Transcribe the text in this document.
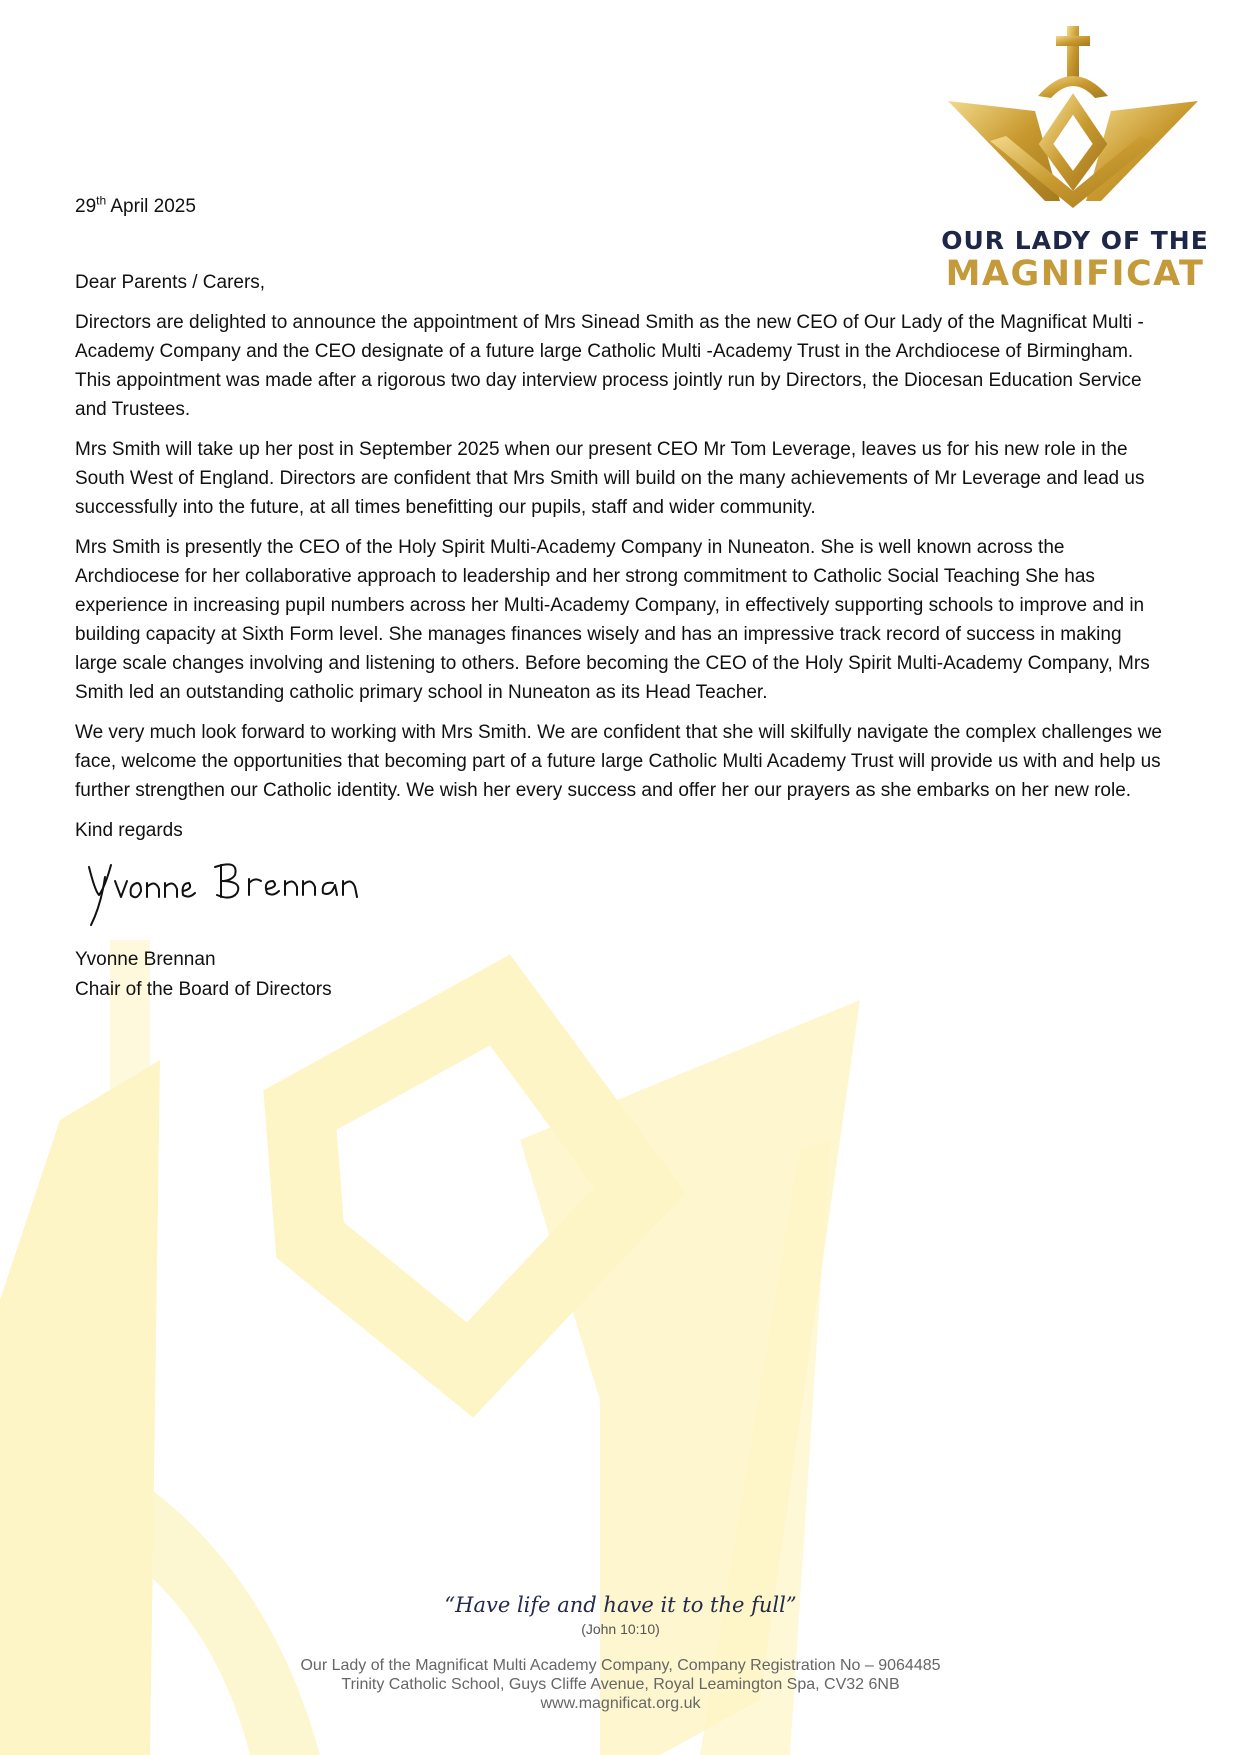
OUR LADY OF THE
MAGNIFICAT

29th April 2025

Dear Parents / Carers,

Directors are delighted to announce the appointment of Mrs Sinead Smith as the new CEO of Our Lady of the Magnificat Multi -Academy Company and the CEO designate of a future large Catholic Multi -Academy Trust in the Archdiocese of Birmingham. This appointment was made after a rigorous two day interview process jointly run by Directors, the Diocesan Education Service and Trustees.

Mrs Smith will take up her post in September 2025 when our present CEO Mr Tom Leverage, leaves us for his new role in the South West of England. Directors are confident that Mrs Smith will build on the many achievements of Mr Leverage and lead us successfully into the future, at all times benefitting our pupils, staff and wider community.

Mrs Smith is presently the CEO of the Holy Spirit Multi-Academy Company in Nuneaton. She is well known across the Archdiocese for her collaborative approach to leadership and her strong commitment to Catholic Social Teaching She has experience in increasing pupil numbers across her Multi-Academy Company, in effectively supporting schools to improve and in building capacity at Sixth Form level. She manages finances wisely and has an impressive track record of success in making large scale changes involving and listening to others. Before becoming the CEO of the Holy Spirit Multi-Academy Company, Mrs Smith led an outstanding catholic primary school in Nuneaton as its Head Teacher.

We very much look forward to working with Mrs Smith. We are confident that she will skilfully navigate the complex challenges we face, welcome the opportunities that becoming part of a future large Catholic Multi Academy Trust will provide us with and help us further strengthen our Catholic identity. We wish her every success and offer her our prayers as she embarks on her new role.

Kind regards

Yvonne Brennan

Chair of the Board of Directors

“Have life and have it to the full”

(John 10:10)

Our Lady of the Magnificat Multi Academy Company, Company Registration No – 9064485

Trinity Catholic School, Guys Cliffe Avenue, Royal Leamington Spa, CV32 6NB

www.magnificat.org.uk
